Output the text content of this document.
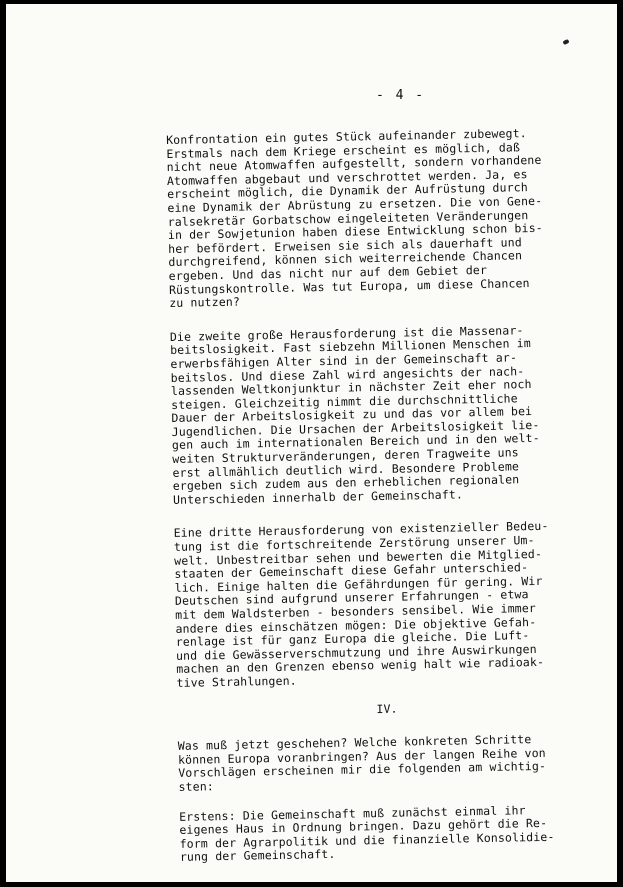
- 4 -

Konfrontation ein gutes Stück aufeinander zubewegt.
Erstmals nach dem Kriege erscheint es möglich, daß
nicht neue Atomwaffen aufgestellt, sondern vorhandene
Atomwaffen abgebaut und verschrottet werden. Ja, es
erscheint möglich, die Dynamik der Aufrüstung durch
eine Dynamik der Abrüstung zu ersetzen. Die von Gene-
ralsekretär Gorbatschow eingeleiteten Veränderungen
in der Sowjetunion haben diese Entwicklung schon bis-
her befördert. Erweisen sie sich als dauerhaft und
durchgreifend, können sich weiterreichende Chancen
ergeben. Und das nicht nur auf dem Gebiet der
Rüstungskontrolle. Was tut Europa, um diese Chancen
zu nutzen?

Die zweite große Herausforderung ist die Massenar-
beitslosigkeit. Fast siebzehn Millionen Menschen im
erwerbsfähigen Alter sind in der Gemeinschaft ar-
beitslos. Und diese Zahl wird angesichts der nach-
lassenden Weltkonjunktur in nächster Zeit eher noch
steigen. Gleichzeitig nimmt die durchschnittliche
Dauer der Arbeitslosigkeit zu und das vor allem bei
Jugendlichen. Die Ursachen der Arbeitslosigkeit lie-
gen auch im internationalen Bereich und in den welt-
weiten Strukturveränderungen, deren Tragweite uns
erst allmählich deutlich wird. Besondere Probleme
ergeben sich zudem aus den erheblichen regionalen
Unterschieden innerhalb der Gemeinschaft.

Eine dritte Herausforderung von existenzieller Bedeu-
tung ist die fortschreitende Zerstörung unserer Um-
welt. Unbestreitbar sehen und bewerten die Mitglied-
staaten der Gemeinschaft diese Gefahr unterschied-
lich. Einige halten die Gefährdungen für gering. Wir
Deutschen sind aufgrund unserer Erfahrungen - etwa
mit dem Waldsterben - besonders sensibel. Wie immer
andere dies einschätzen mögen: Die objektive Gefah-
renlage ist für ganz Europa die gleiche. Die Luft-
und die Gewässerverschmutzung und ihre Auswirkungen
machen an den Grenzen ebenso wenig halt wie radioak-
tive Strahlungen.

IV.

Was muß jetzt geschehen? Welche konkreten Schritte
können Europa voranbringen? Aus der langen Reihe von
Vorschlägen erscheinen mir die folgenden am wichtig-
sten:

Erstens: Die Gemeinschaft muß zunächst einmal ihr
eigenes Haus in Ordnung bringen. Dazu gehört die Re-
form der Agrarpolitik und die finanzielle Konsolidie-
rung der Gemeinschaft.
